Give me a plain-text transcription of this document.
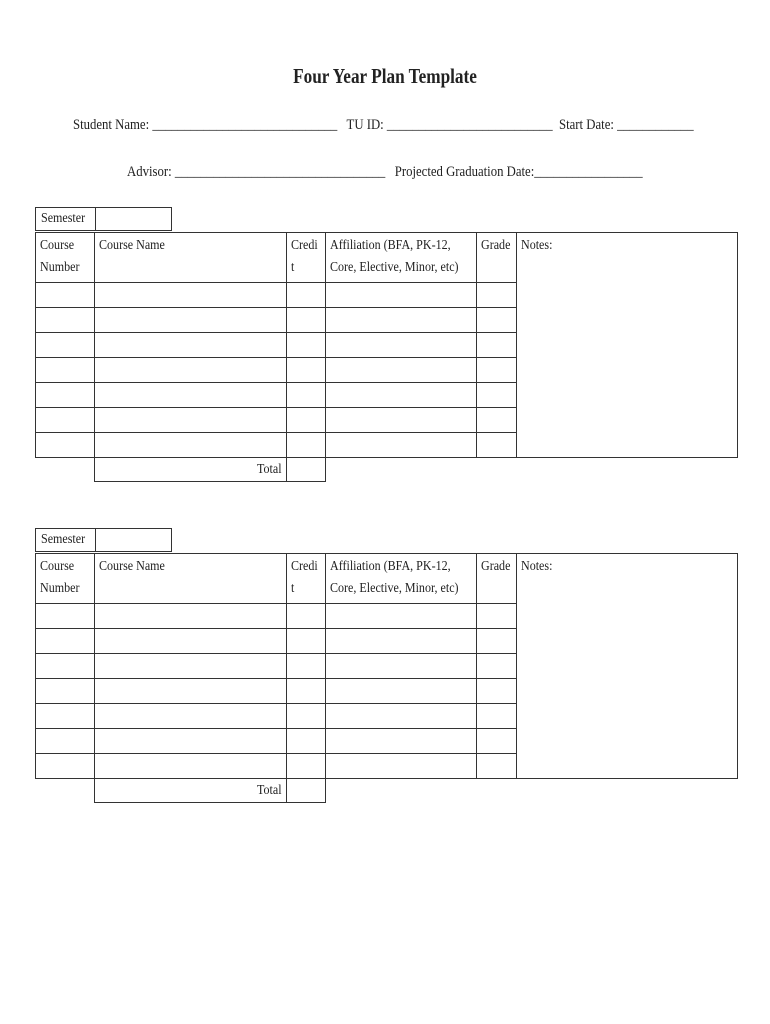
Four Year Plan Template
Student Name: _____________________________   TU ID: __________________________  Start Date: ____________
Advisor: _________________________________   Projected Graduation Date:_________________
Semester
Course Number
Course Name	Credi t
Affiliation (BFA, PK-12, Core, Elective, Minor, etc)
Grade Notes:
Total
Semester
Course Number
Course Name	Credi t
Affiliation (BFA, PK-12, Core, Elective, Minor, etc)
Grade Notes:
Total
